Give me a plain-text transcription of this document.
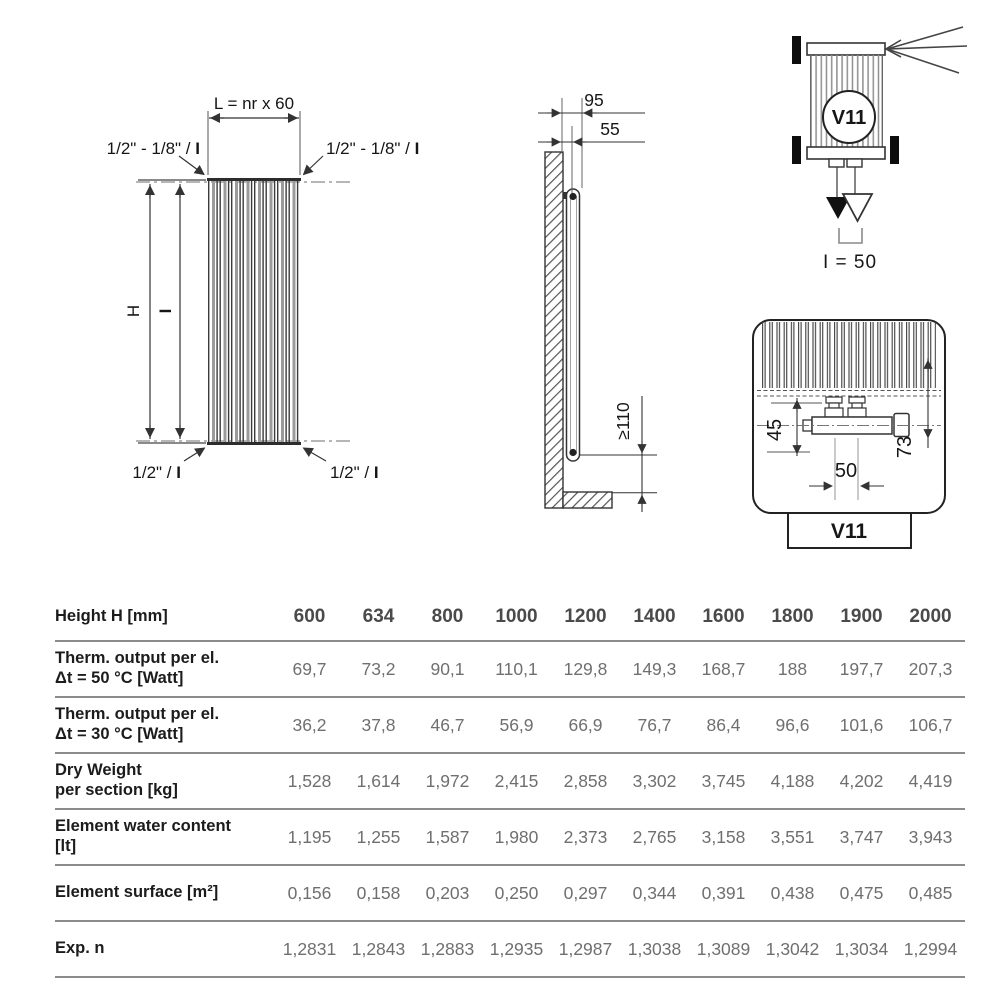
L = nr x 60
H I
1/2" - 1/8" / I	1/2" - 1/8" / I
1/2" / I	1/2" / I
95
55
≥110
V11
I = 50
45
73
50
V11
Height H [mm]	600	634	800	1000	1200	1400	1600	1800	1900	2000

Therm. output per el.
Δt = 50 °C [Watt]	69,7	73,2	90,1	110,1	129,8	149,3	168,7	188	197,7	207,3

Therm. output per el.
Δt = 30 °C [Watt]	36,2	37,8	46,7	56,9	66,9	76,7	86,4	96,6	101,6	106,7

Dry Weight
per section [kg]	1,528	1,614	1,972	2,415	2,858	3,302	3,745	4,188	4,202	4,419

Element water content
[lt]	1,195	1,255	1,587	1,980	2,373	2,765	3,158	3,551	3,747	3,943

Element surface [m²]	0,156	0,158	0,203	0,250	0,297	0,344	0,391	0,438	0,475	0,485

Exp. n	1,2831	1,2843	1,2883	1,2935	1,2987	1,3038	1,3089	1,3042	1,3034	1,2994
